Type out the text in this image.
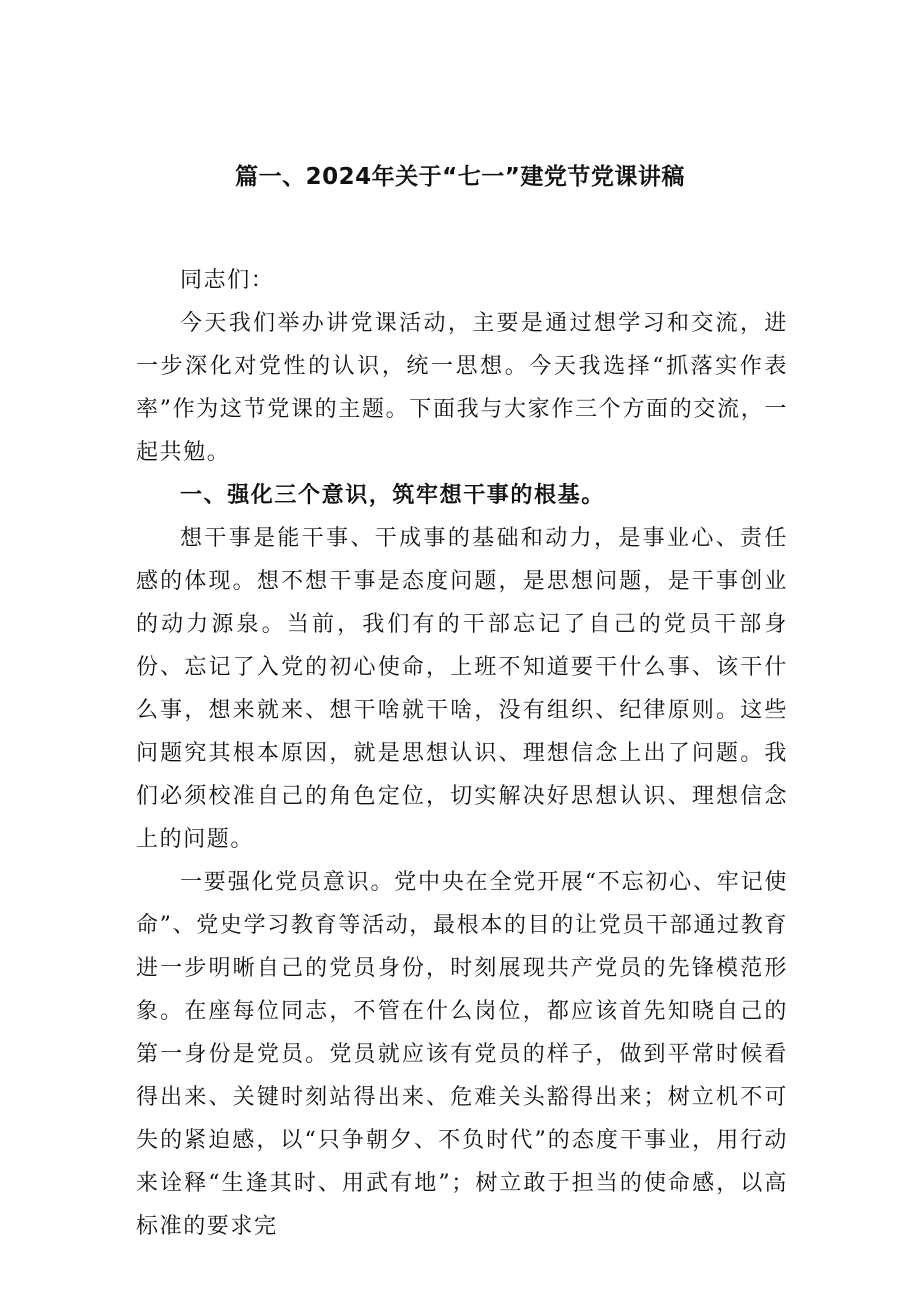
篇一、2024年关于“七一”建党节党课讲稿

同志们：

今天我们举办讲党课活动，主要是通过想学习和交流，进一步深化对党性的认识，统一思想。今天我选择“抓落实作表率”作为这节党课的主题。下面我与大家作三个方面的交流，一起共勉。

一、强化三个意识，筑牢想干事的根基。

想干事是能干事、干成事的基础和动力，是事业心、责任感的体现。想不想干事是态度问题，是思想问题，是干事创业的动力源泉。当前，我们有的干部忘记了自己的党员干部身份、忘记了入党的初心使命，上班不知道要干什么事、该干什么事，想来就来、想干啥就干啥，没有组织、纪律原则。这些问题究其根本原因，就是思想认识、理想信念上出了问题。我们必须校准自己的角色定位，切实解决好思想认识、理想信念上的问题。

一要强化党员意识。党中央在全党开展“不忘初心、牢记使命”、党史学习教育等活动，最根本的目的让党员干部通过教育进一步明晰自己的党员身份，时刻展现共产党员的先锋模范形象。在座每位同志，不管在什么岗位，都应该首先知晓自己的第一身份是党员。党员就应该有党员的样子，做到平常时候看得出来、关键时刻站得出来、危难关头豁得出来；树立机不可失的紧迫感，以“只争朝夕、不负时代”的态度干事业，用行动来诠释“生逢其时、用武有地”；树立敢于担当的使命感，以高标准的要求完
